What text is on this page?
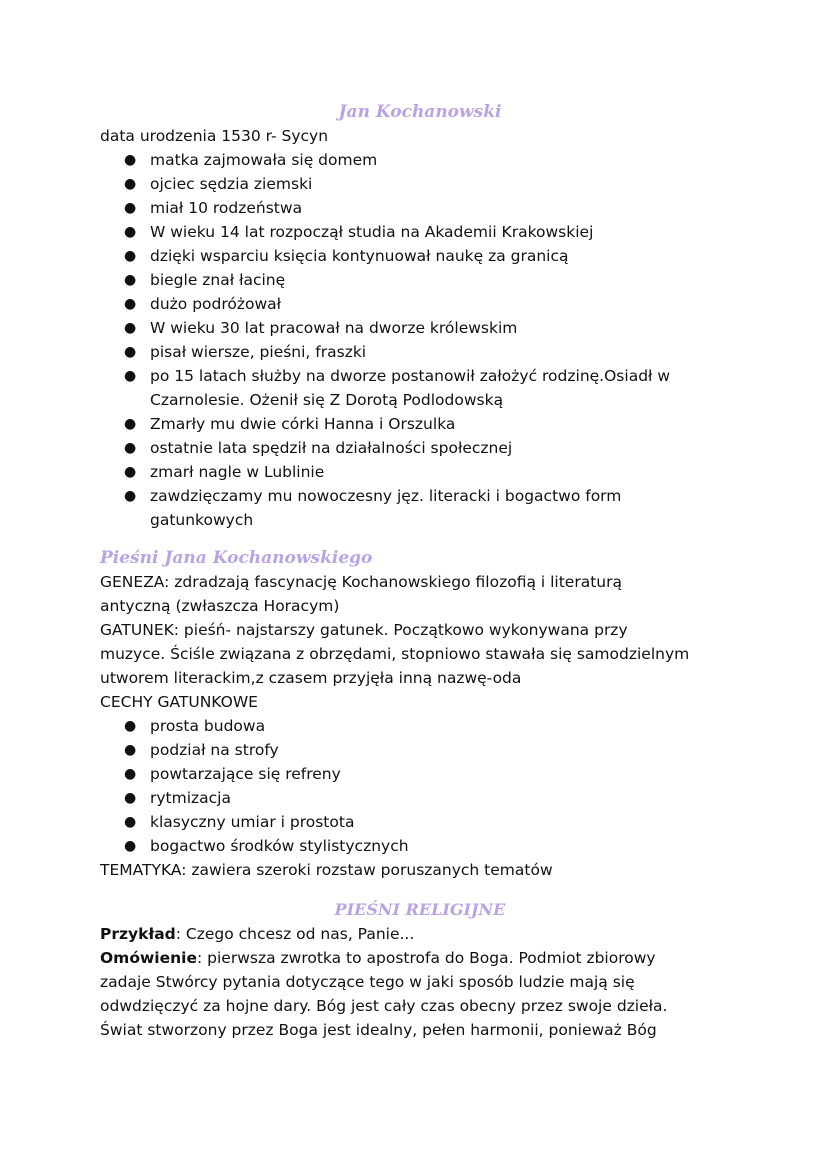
Jan Kochanowski
data urodzenia 1530 r- Sycyn
● matka zajmowała się domem
● ojciec sędzia ziemski
● miał 10 rodzeństwa
● W wieku 14 lat rozpoczął studia na Akademii Krakowskiej
● dzięki wsparciu księcia kontynuował naukę za granicą
● biegle znał łacinę
● dużo podróżował
● W wieku 30 lat pracował na dworze królewskim
● pisał wiersze, pieśni, fraszki
● po 15 latach służby na dworze postanowił założyć rodzinę.Osiadł w
Czarnolesie. Ożenił się Z Dorotą Podlodowską
● Zmarły mu dwie córki Hanna i Orszulka
● ostatnie lata spędził na działalności społecznej
● zmarł nagle w Lublinie
● zawdzięczamy mu nowoczesny jęz. literacki i bogactwo form
gatunkowych
Pieśni Jana Kochanowskiego
GENEZA: zdradzają fascynację Kochanowskiego filozofią i literaturą
antyczną (zwłaszcza Horacym)
GATUNEK: pieśń- najstarszy gatunek. Początkowo wykonywana przy
muzyce. Ściśle związana z obrzędami, stopniowo stawała się samodzielnym
utworem literackim,z czasem przyjęła inną nazwę-oda
CECHY GATUNKOWE
● prosta budowa
● podział na strofy
● powtarzające się refreny
● rytmizacja
● klasyczny umiar i prostota
● bogactwo środków stylistycznych
TEMATYKA: zawiera szeroki rozstaw poruszanych tematów
PIEŚNI RELIGIJNE
Przykład: Czego chcesz od nas, Panie...
Omówienie: pierwsza zwrotka to apostrofa do Boga. Podmiot zbiorowy
zadaje Stwórcy pytania dotyczące tego w jaki sposób ludzie mają się
odwdzięczyć za hojne dary. Bóg jest cały czas obecny przez swoje dzieła.
Świat stworzony przez Boga jest idealny, pełen harmonii, ponieważ Bóg
